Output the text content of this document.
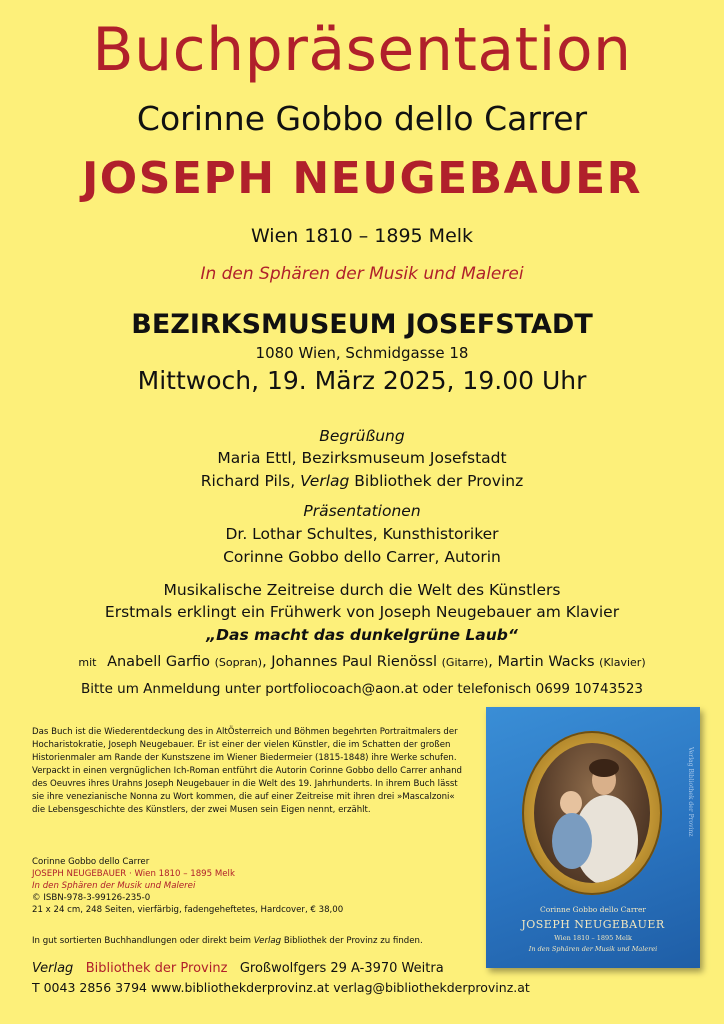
Buchpräsentation
Corinne Gobbo dello Carrer
JOSEPH NEUGEBAUER
Wien 1810 – 1895 Melk
In den Sphären der Musik und Malerei
BEZIRKSMUSEUM JOSEFSTADT
1080 Wien, Schmidgasse 18
Mittwoch, 19. März 2025, 19.00 Uhr
Begrüßung
Maria Ettl, Bezirksmuseum Josefstadt
Richard Pils, Verlag Bibliothek der Provinz
Präsentationen
Dr. Lothar Schultes, Kunsthistoriker
Corinne Gobbo dello Carrer, Autorin
Musikalische Zeitreise durch die Welt des Künstlers
Erstmals erklingt ein Frühwerk von Joseph Neugebauer am Klavier
„Das macht das dunkelgrüne Laub“
mit Anabell Garfio (Sopran), Johannes Paul Rienössl (Gitarre), Martin Wacks (Klavier)
Bitte um Anmeldung unter portfoliocoach@aon.at oder telefonisch 0699 10743523

Das Buch ist die Wiederentdeckung des in AltÖsterreich und Böhmen begehrten Portraitmalers der Hocharistokratie, Joseph Neugebauer. Er ist einer der vielen Künstler, die im Schatten der großen Historienmaler am Rande der Kunstszene im Wiener Biedermeier (1815-1848) ihre Werke schufen. Verpackt in einen vergnüglichen Ich-Roman entführt die Autorin Corinne Gobbo dello Carrer anhand des Oeuvres ihres Urahns Joseph Neugebauer in die Welt des 19. Jahrhunderts. In ihrem Buch lässt sie ihre venezianische Nonna zu Wort kommen, die auf einer Zeitreise mit ihren drei »Mascalzoni« die Lebensgeschichte des Künstlers, der zwei Musen sein Eigen nennt, erzählt.

Corinne Gobbo dello Carrer
JOSEPH NEUGEBAUER · Wien 1810 – 1895 Melk
In den Sphären der Musik und Malerei
© ISBN-978-3-99126-235-0
21 x 24 cm, 248 Seiten, vierfärbig, fadengeheftetes, Hardcover, € 38,00
In gut sortierten Buchhandlungen oder direkt beim Verlag Bibliothek der Provinz zu finden.
Verlag Bibliothek der Provinz Großwolfgers 29 A-3970 Weitra
T 0043 2856 3794 www.bibliothekderprovinz.at verlag@bibliothekderprovinz.at
Corinne Gobbo dello Carrer
JOSEPH NEUGEBAUER
Wien 1810 – 1895 Melk
In den Sphären der Musik und Malerei
Verlag Bibliothek der Provinz
